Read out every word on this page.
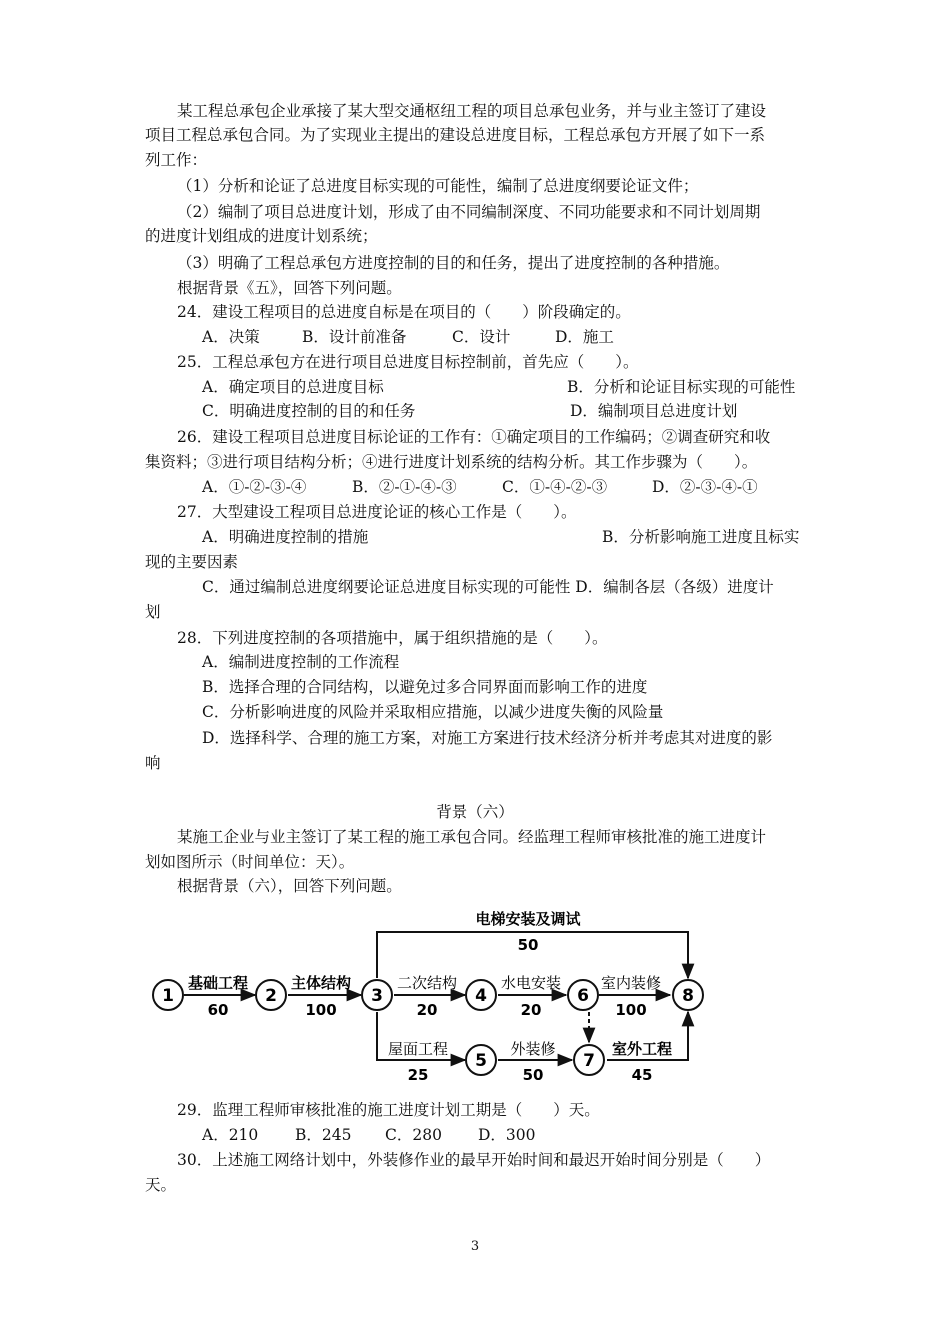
某工程总承包企业承接了某大型交通枢纽工程的项目总承包业务，并与业主签订了建设
项目工程总承包合同。为了实现业主提出的建设总进度目标，工程总承包方开展了如下一系
列工作：
（1）分析和论证了总进度目标实现的可能性，编制了总进度纲要论证文件；
（2）编制了项目总进度计划，形成了由不同编制深度、不同功能要求和不同计划周期
的进度计划组成的进度计划系统；
（3）明确了工程总承包方进度控制的目的和任务，提出了进度控制的各种措施。
根据背景《五》，回答下列问题。
24．建设工程项目的总进度自标是在项目的（　　）阶段确定的。
A．决策	B．设计前准备	C．设计	D．施工
25．工程总承包方在进行项目总进度目标控制前，首先应（　　）。
A．确定项目的总进度目标	B．分析和论证目标实现的可能性
C．明确进度控制的目的和任务	D．编制项目总进度计划
26．建设工程项目总进度目标论证的工作有：①确定项目的工作编码；②调查研究和收
集资料；③进行项目结构分析；④进行进度计划系统的结构分析。其工作步骤为（　　）。
A．①-②-③-④	B．②-①-④-③	C．①-④-②-③	D．②-③-④-①
27．大型建设工程项目总进度论证的核心工作是（　　）。
A．明确进度控制的措施	B．分析影响施工进度且标实
现的主要因素
C．通过编制总进度纲要论证总进度目标实现的可能性 D．编制各层（各级）进度计
划
28．下列进度控制的各项措施中，属于组织措施的是（　　）。
A．编制进度控制的工作流程
B．选择合理的合同结构，以避免过多合同界面而影响工作的进度
C．分析影响进度的风险并采取相应措施，以减少进度失衡的风险量
D．选择科学、合理的施工方案，对施工方案进行技术经济分析并考虑其对进度的影
响
背景（六）
某施工企业与业主签订了某工程的施工承包合同。经监理工程师审核批准的施工进度计
划如图所示（时间单位：天）。
根据背景（六），回答下列问题。
1	2	3	4
5
6
7
8
基础工程	主体结构	二次结构	水电安装	室内装修
电梯安装及调试
屋面工程	外装修	室外工程
60	100	20	20	100
50
25	50	45
29．监理工程师审核批准的施工进度计划工期是（　　）天。
A．210 B．245 C．280 D．300
30．上述施工网络计划中，外装修作业的最早开始时间和最迟开始时间分别是（　　）
天。
3
